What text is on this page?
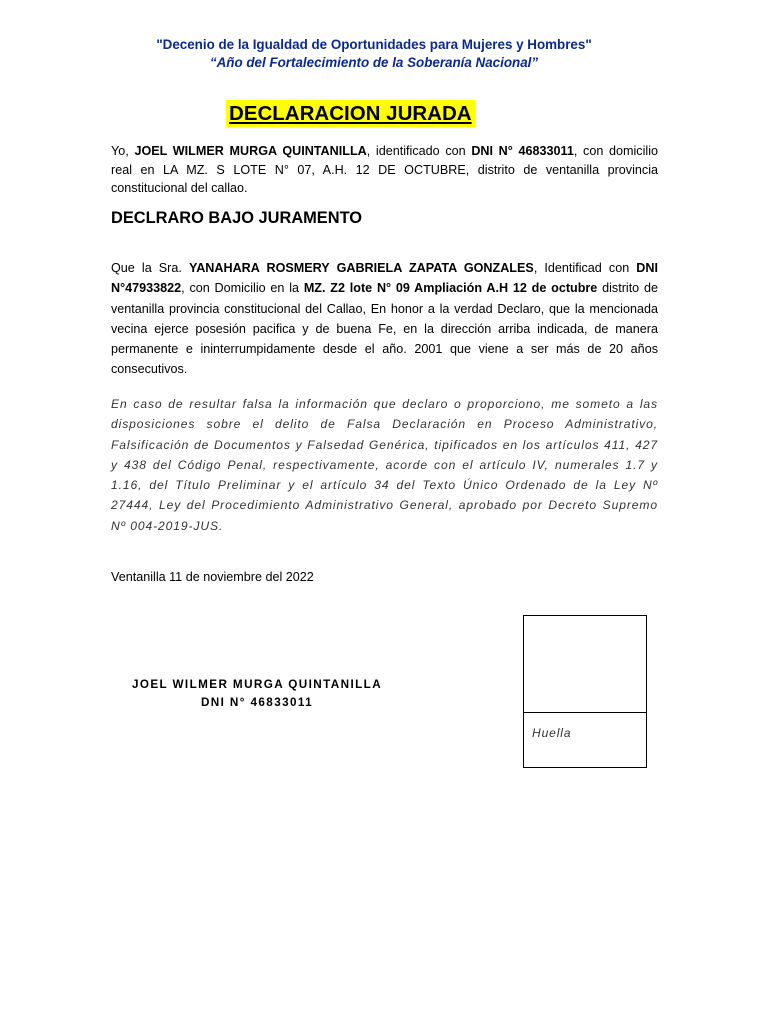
"Decenio de la Igualdad de Oportunidades para Mujeres y Hombres"
“Año del Fortalecimiento de la Soberanía Nacional”
DECLARACION JURADA
Yo, JOEL WILMER MURGA QUINTANILLA, identificado con DNI N° 46833011, con domicilio real en LA MZ. S LOTE N° 07, A.H. 12 DE OCTUBRE, distrito de ventanilla provincia constitucional del callao.
DECLRARO BAJO JURAMENTO
Que la Sra. YANAHARA ROSMERY GABRIELA ZAPATA GONZALES, Identificad con DNI N°47933822, con Domicilio en la MZ. Z2 lote N° 09 Ampliación A.H 12 de octubre distrito de ventanilla provincia constitucional del Callao, En honor a la verdad Declaro, que la mencionada vecina ejerce posesión pacifica y de buena Fe, en la dirección arriba indicada, de manera permanente e ininterrumpidamente desde el año. 2001 que viene a ser más de 20 años consecutivos.
En caso de resultar falsa la información que declaro o proporciono, me someto a las disposiciones sobre el delito de Falsa Declaración en Proceso Administrativo, Falsificación de Documentos y Falsedad Genérica, tipificados en los artículos 411, 427 y 438 del Código Penal, respectivamente, acorde con el artículo IV, numerales 1.7 y 1.16, del Título Preliminar y el artículo 34 del Texto Único Ordenado de la Ley Nº 27444, Ley del Procedimiento Administrativo General, aprobado por Decreto Supremo Nº 004-2019-JUS.
Ventanilla 11 de noviembre del 2022
JOEL WILMER MURGA QUINTANILLA
DNI N° 46833011
Huella
